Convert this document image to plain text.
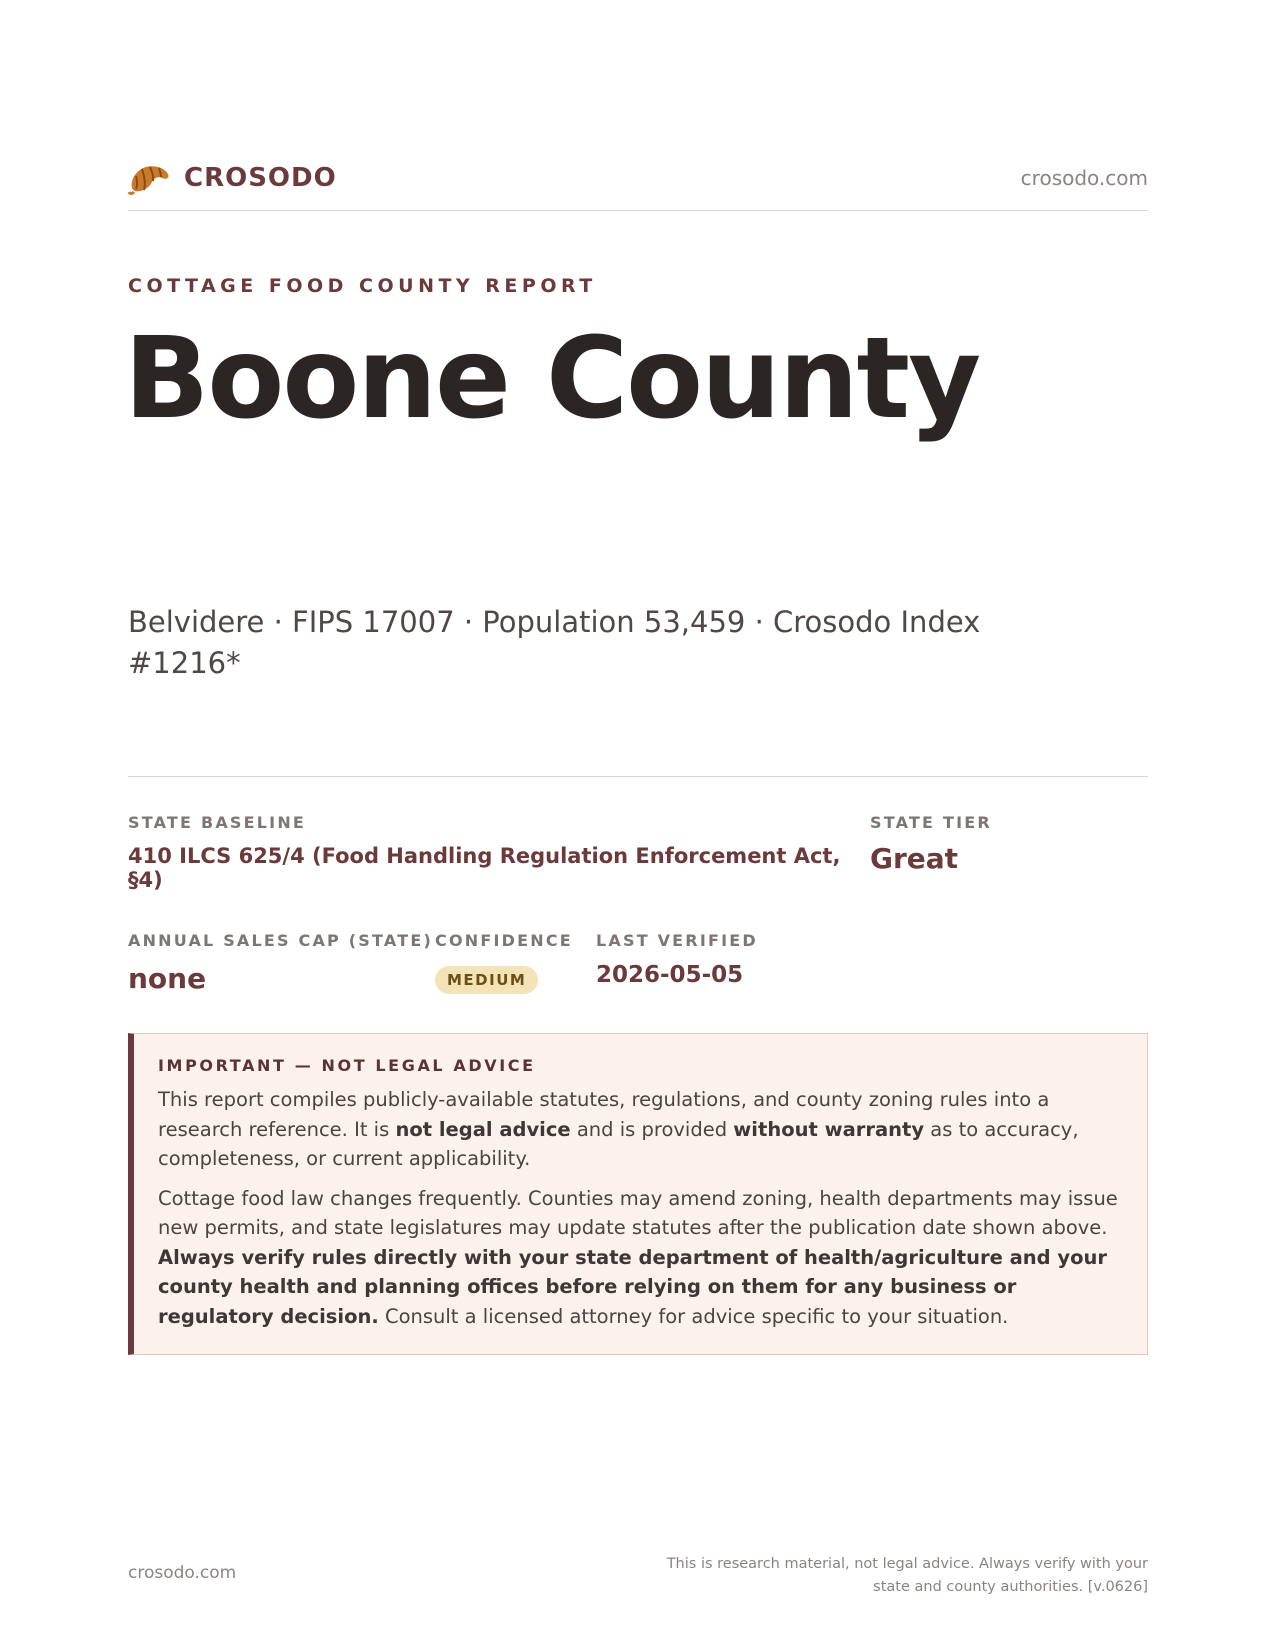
CROSODO	crosodo.com
COTTAGE FOOD COUNTY REPORT
Boone County
Belvidere · FIPS 17007 · Population 53,459 · Crosodo Index #1216*
STATE BASELINE
410 ILCS 625/4 (Food Handling Regulation Enforcement Act, §4)
STATE TIER
Great
ANNUAL SALES CAP (STATE)
none
CONFIDENCE
MEDIUM
LAST VERIFIED
2026-05-05
IMPORTANT — NOT LEGAL ADVICE

This report compiles publicly-available statutes, regulations, and county zoning rules into a research reference. It is not legal advice and is provided without warranty as to accuracy, completeness, or current applicability.

Cottage food law changes frequently. Counties may amend zoning, health departments may issue new permits, and state legislatures may update statutes after the publication date shown above. Always verify rules directly with your state department of health/agriculture and your county health and planning offices before relying on them for any business or regulatory decision. Consult a licensed attorney for advice specific to your situation.

crosodo.com	This is research material, not legal advice. Always verify with your state and county authorities. [v.0626]
